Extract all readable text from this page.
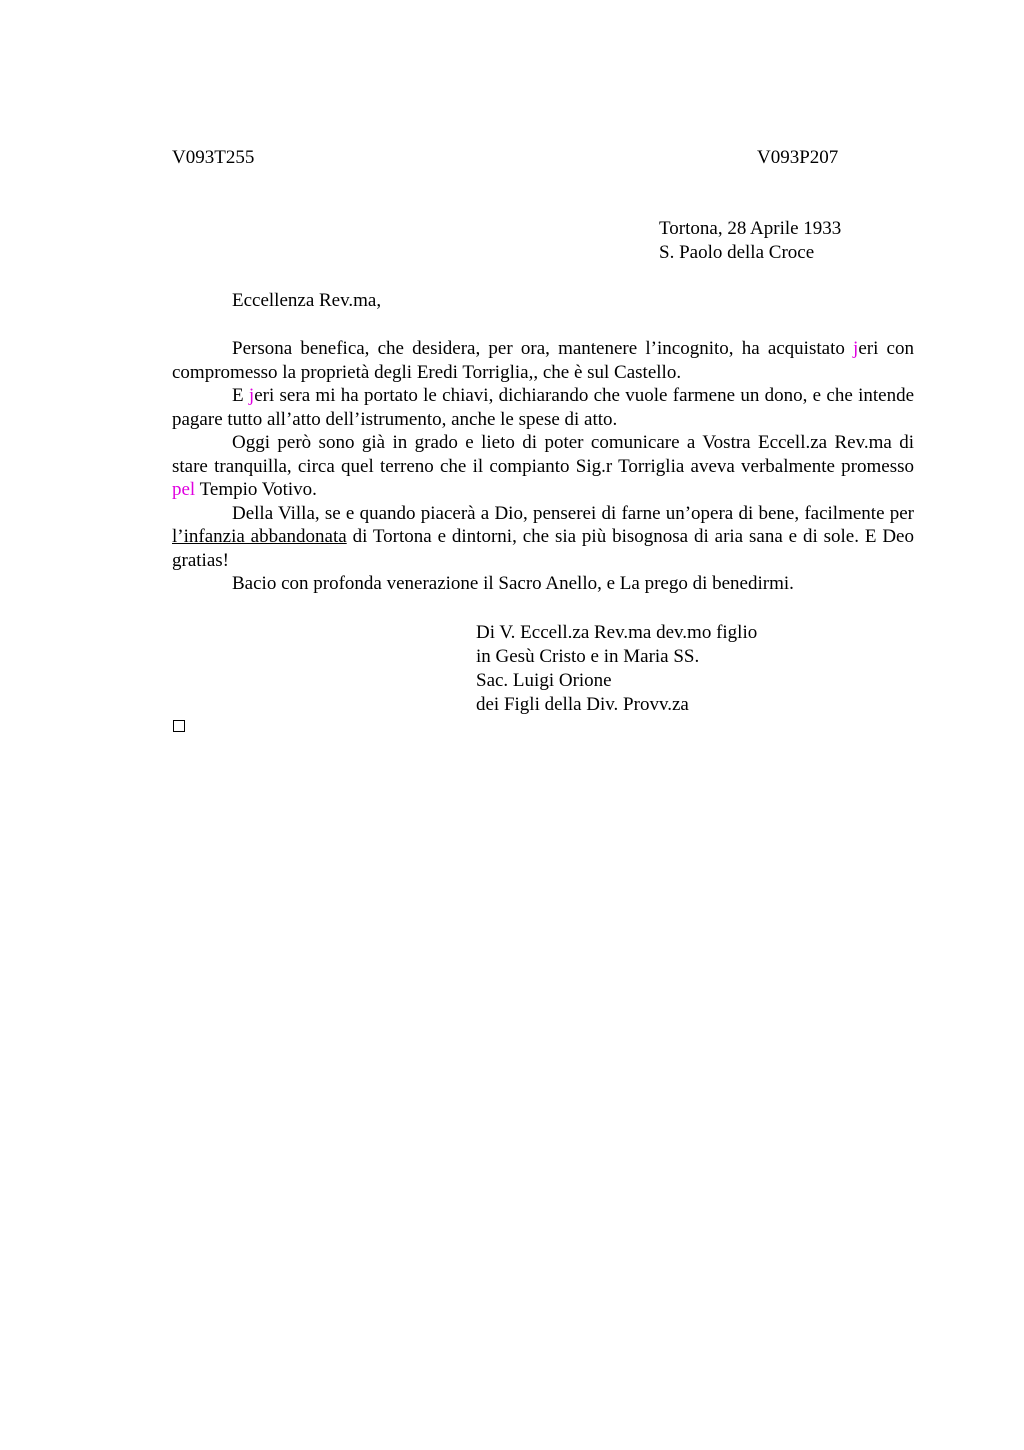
V093T255	V093P207
Tortona, 28 Aprile 1933
S. Paolo della Croce
Eccellenza Rev.ma,

Persona benefica, che desidera, per ora, mantenere l’incognito, ha acquistato jeri con compromesso la proprietà degli Eredi Torriglia,, che è sul Castello.

E jeri sera mi ha portato le chiavi, dichiarando che vuole farmene un dono, e che intende pagare tutto all’atto dell’istrumento, anche le spese di atto.

Oggi però sono già in grado e lieto di poter comunicare a Vostra Eccell.za Rev.ma di stare tranquilla, circa quel terreno che il compianto Sig.r Torriglia aveva verbalmente promesso pel Tempio Votivo.

Della Villa, se e quando piacerà a Dio, penserei di farne un’opera di bene, facilmente per l’infanzia abbandonata di Tortona e dintorni, che sia più bisognosa di aria sana e di sole. E Deo gratias!

Bacio con profonda venerazione il Sacro Anello, e La prego di benedirmi.

Di V. Eccell.za Rev.ma dev.mo figlio
in Gesù Cristo e in Maria SS.
Sac. Luigi Orione
dei Figli della Div. Provv.za
